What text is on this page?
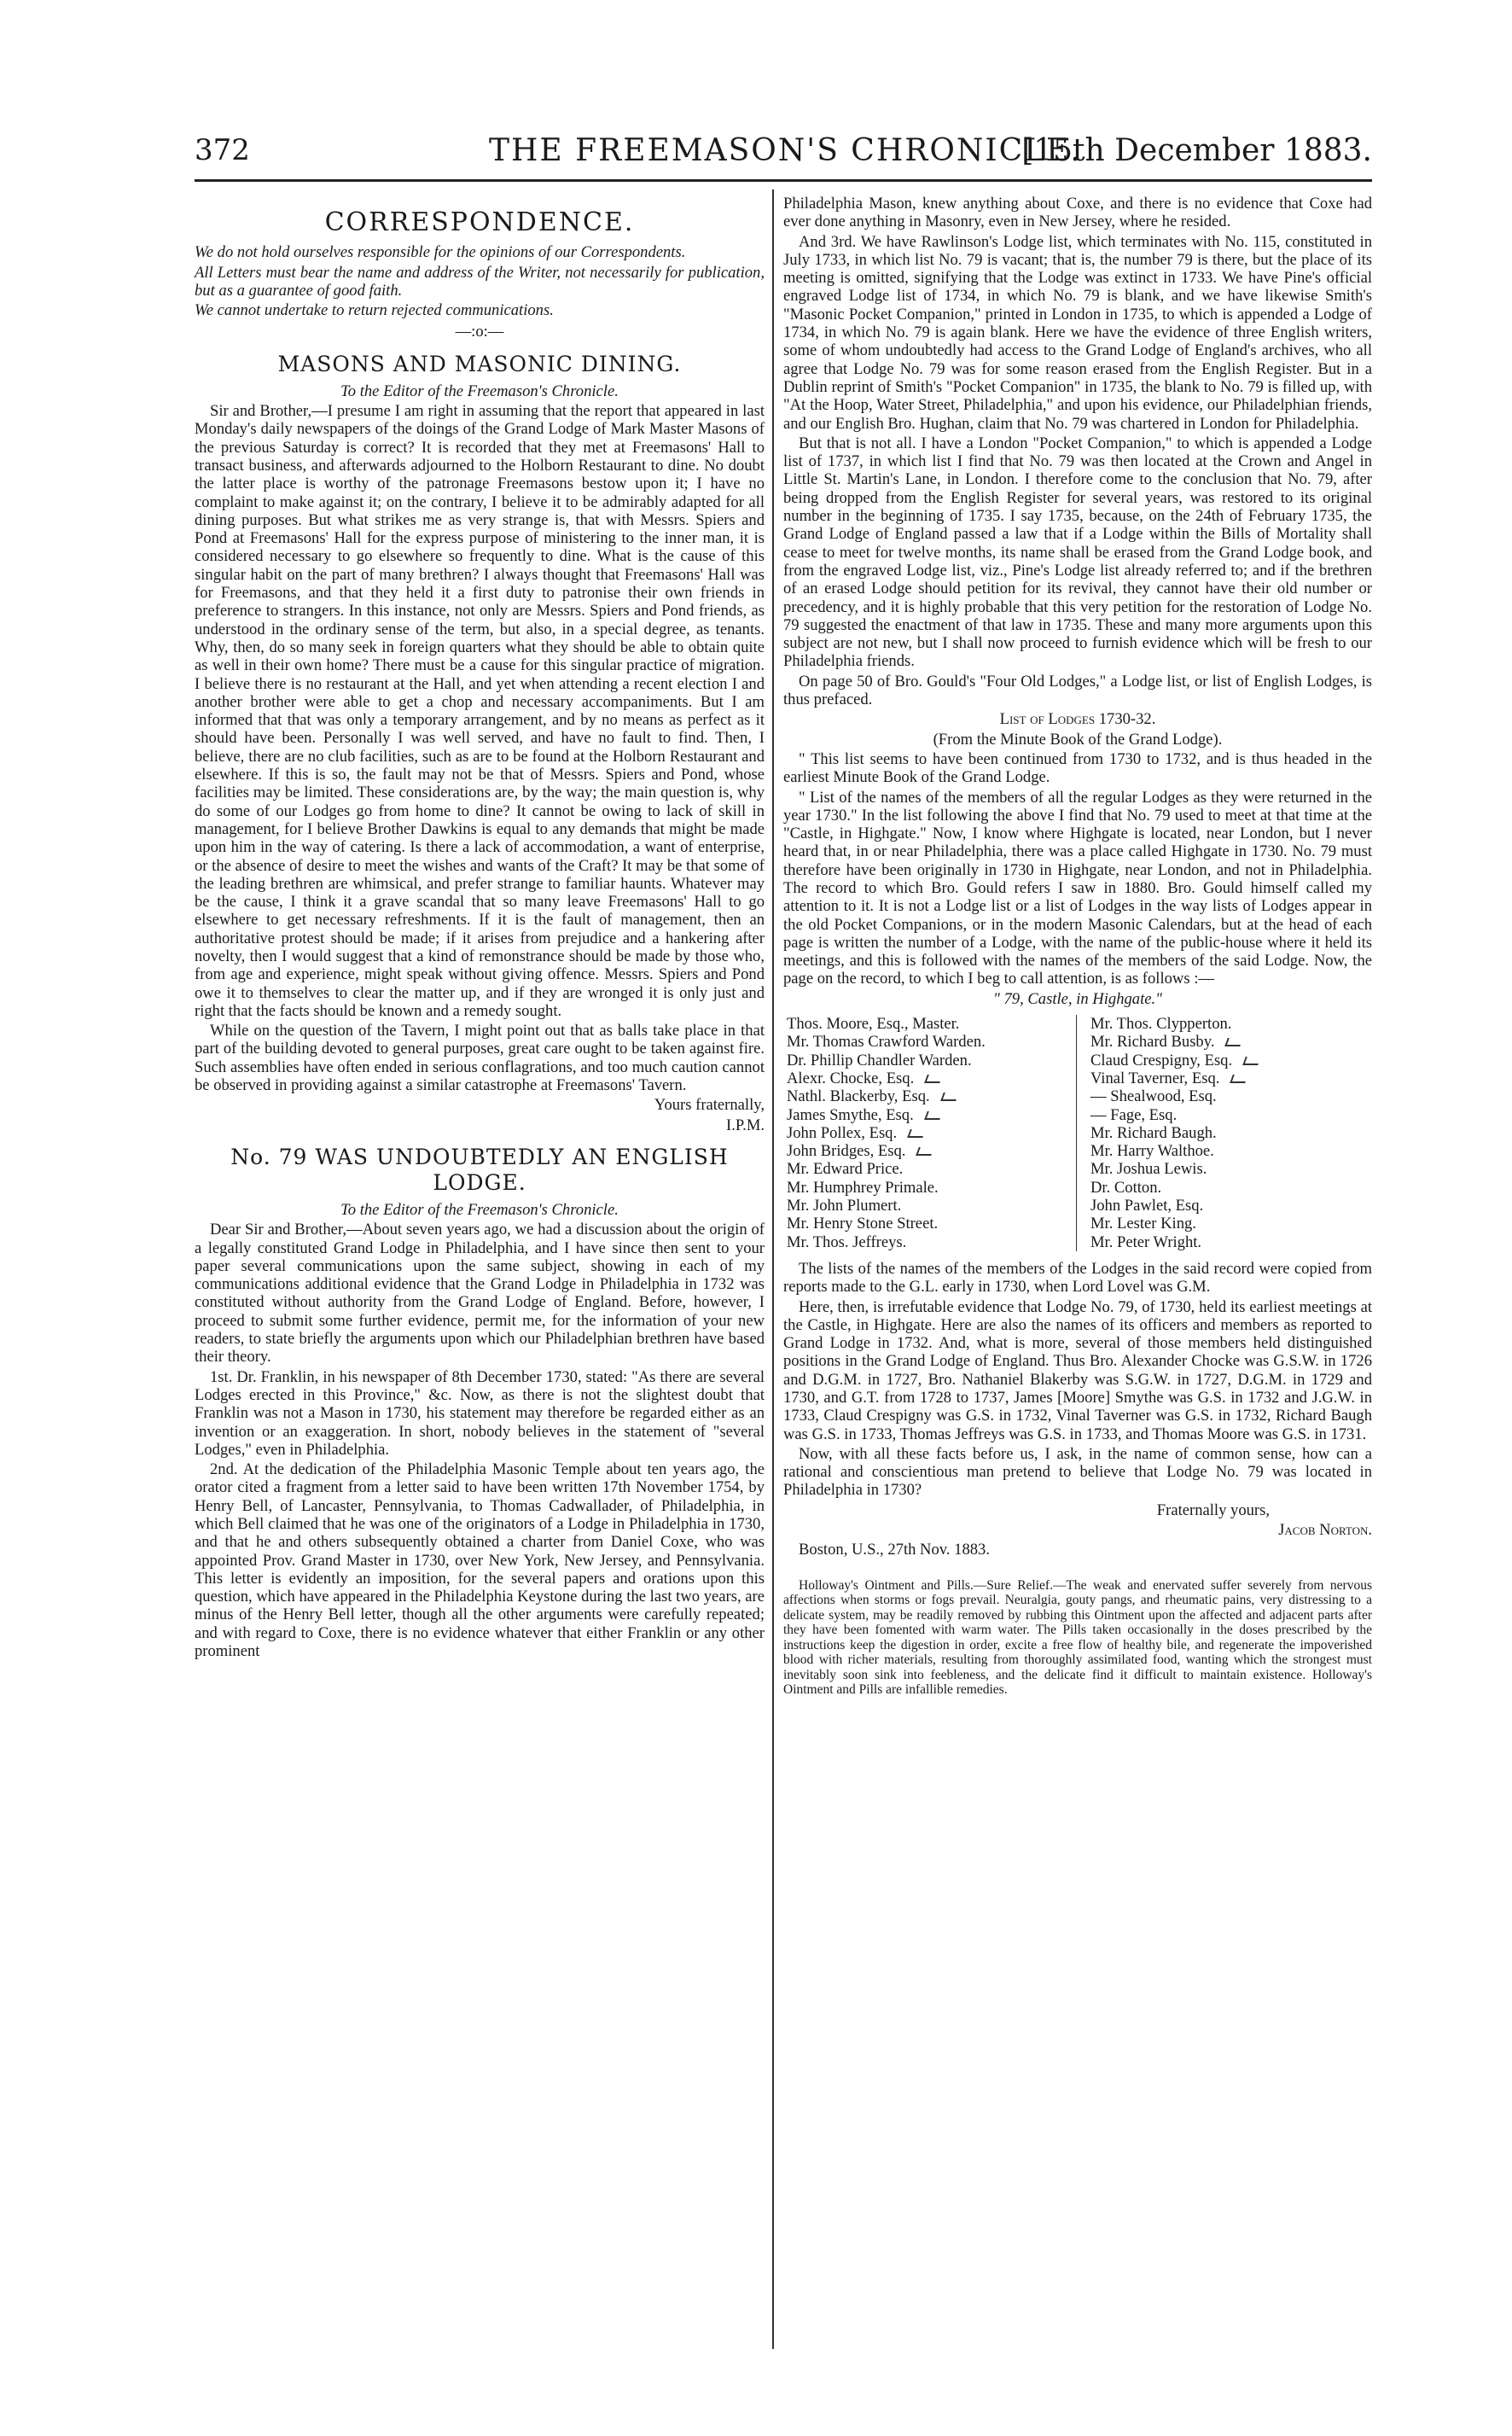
372	THE FREEMASON'S CHRONICLE.
[15th December 1883.
CORRESPONDENCE.

We do not hold ourselves responsible for the opinions of our Correspondents.

All Letters must bear the name and address of the Writer, not necessarily for publication, but as a guarantee of good faith.

We cannot undertake to return rejected communications.

—:o:—
MASONS AND MASONIC DINING.

To the Editor of the Freemason's Chronicle.

Sir and Brother,—I presume I am right in assuming that the report that appeared in last Monday's daily newspapers of the doings of the Grand Lodge of Mark Master Masons of the previous Saturday is correct? It is recorded that they met at Freemasons' Hall to transact business, and afterwards adjourned to the Holborn Restaurant to dine. No doubt the latter place is worthy of the patronage Freemasons bestow upon it; I have no complaint to make against it; on the contrary, I believe it to be admirably adapted for all dining purposes. But what strikes me as very strange is, that with Messrs. Spiers and Pond at Freemasons' Hall for the express purpose of ministering to the inner man, it is considered necessary to go elsewhere so frequently to dine. What is the cause of this singular habit on the part of many brethren? I always thought that Freemasons' Hall was for Freemasons, and that they held it a first duty to patronise their own friends in preference to strangers. In this instance, not only are Messrs. Spiers and Pond friends, as understood in the ordinary sense of the term, but also, in a special degree, as tenants. Why, then, do so many seek in foreign quarters what they should be able to obtain quite as well in their own home? There must be a cause for this singular practice of migration. I believe there is no restaurant at the Hall, and yet when attending a recent election I and another brother were able to get a chop and necessary accompaniments. But I am informed that that was only a temporary arrangement, and by no means as perfect as it should have been. Personally I was well served, and have no fault to find. Then, I believe, there are no club facilities, such as are to be found at the Holborn Restaurant and elsewhere. If this is so, the fault may not be that of Messrs. Spiers and Pond, whose facilities may be limited. These considerations are, by the way; the main question is, why do some of our Lodges go from home to dine? It cannot be owing to lack of skill in management, for I believe Brother Dawkins is equal to any demands that might be made upon him in the way of catering. Is there a lack of accommodation, a want of enterprise, or the absence of desire to meet the wishes and wants of the Craft? It may be that some of the leading brethren are whimsical, and prefer strange to familiar haunts. Whatever may be the cause, I think it a grave scandal that so many leave Freemasons' Hall to go elsewhere to get necessary refreshments. If it is the fault of management, then an authoritative protest should be made; if it arises from prejudice and a hankering after novelty, then I would suggest that a kind of remonstrance should be made by those who, from age and experience, might speak without giving offence. Messrs. Spiers and Pond owe it to themselves to clear the matter up, and if they are wronged it is only just and right that the facts should be known and a remedy sought.

While on the question of the Tavern, I might point out that as balls take place in that part of the building devoted to general purposes, great care ought to be taken against fire. Such assemblies have often ended in serious conflagrations, and too much caution cannot be observed in providing against a similar catastrophe at Freemasons' Tavern.

Yours fraternally,

I.P.M.

No. 79 WAS UNDOUBTEDLY AN ENGLISH LODGE.

To the Editor of the Freemason's Chronicle.

Dear Sir and Brother,—About seven years ago, we had a discussion about the origin of a legally constituted Grand Lodge in Philadelphia, and I have since then sent to your paper several communications upon the same subject, showing in each of my communications additional evidence that the Grand Lodge in Philadelphia in 1732 was constituted without authority from the Grand Lodge of England. Before, however, I proceed to submit some further evidence, permit me, for the information of your new readers, to state briefly the arguments upon which our Philadelphian brethren have based their theory.

1st. Dr. Franklin, in his newspaper of 8th December 1730, stated: "As there are several Lodges erected in this Province," &c. Now, as there is not the slightest doubt that Franklin was not a Mason in 1730, his statement may therefore be regarded either as an invention or an exaggeration. In short, nobody believes in the statement of "several Lodges," even in Philadelphia.

2nd. At the dedication of the Philadelphia Masonic Temple about ten years ago, the orator cited a fragment from a letter said to have been written 17th November 1754, by Henry Bell, of Lancaster, Pennsylvania, to Thomas Cadwallader, of Philadelphia, in which Bell claimed that he was one of the originators of a Lodge in Philadelphia in 1730, and that he and others subsequently obtained a charter from Daniel Coxe, who was appointed Prov. Grand Master in 1730, over New York, New Jersey, and Pennsylvania. This letter is evidently an imposition, for the several papers and orations upon this question, which have appeared in the Philadelphia Keystone during the last two years, are minus of the Henry Bell letter, though all the other arguments were carefully repeated; and with regard to Coxe, there is no evidence whatever that either Franklin or any other prominent

Philadelphia Mason, knew anything about Coxe, and there is no evidence that Coxe had ever done anything in Masonry, even in New Jersey, where he resided.

And 3rd. We have Rawlinson's Lodge list, which terminates with No. 115, constituted in July 1733, in which list No. 79 is vacant; that is, the number 79 is there, but the place of its meeting is omitted, signifying that the Lodge was extinct in 1733. We have Pine's official engraved Lodge list of 1734, in which No. 79 is blank, and we have likewise Smith's "Masonic Pocket Companion," printed in London in 1735, to which is appended a Lodge of 1734, in which No. 79 is again blank. Here we have the evidence of three English writers, some of whom undoubtedly had access to the Grand Lodge of England's archives, who all agree that Lodge No. 79 was for some reason erased from the English Register. But in a Dublin reprint of Smith's "Pocket Companion" in 1735, the blank to No. 79 is filled up, with "At the Hoop, Water Street, Philadelphia," and upon his evidence, our Philadelphian friends, and our English Bro. Hughan, claim that No. 79 was chartered in London for Philadelphia.

But that is not all. I have a London "Pocket Companion," to which is appended a Lodge list of 1737, in which list I find that No. 79 was then located at the Crown and Angel in Little St. Martin's Lane, in London. I therefore come to the conclusion that No. 79, after being dropped from the English Register for several years, was restored to its original number in the beginning of 1735. I say 1735, because, on the 24th of February 1735, the Grand Lodge of England passed a law that if a Lodge within the Bills of Mortality shall cease to meet for twelve months, its name shall be erased from the Grand Lodge book, and from the engraved Lodge list, viz., Pine's Lodge list already referred to; and if the brethren of an erased Lodge should petition for its revival, they cannot have their old number or precedency, and it is highly probable that this very petition for the restoration of Lodge No. 79 suggested the enactment of that law in 1735. These and many more arguments upon this subject are not new, but I shall now proceed to furnish evidence which will be fresh to our Philadelphia friends.

On page 50 of Bro. Gould's "Four Old Lodges," a Lodge list, or list of English Lodges, is thus prefaced.

List of Lodges 1730-32.

(From the Minute Book of the Grand Lodge).

" This list seems to have been continued from 1730 to 1732, and is thus headed in the earliest Minute Book of the Grand Lodge.

" List of the names of the members of all the regular Lodges as they were returned in the year 1730." In the list following the above I find that No. 79 used to meet at that time at the "Castle, in Highgate." Now, I know where Highgate is located, near London, but I never heard that, in or near Philadelphia, there was a place called Highgate in 1730. No. 79 must therefore have been originally in 1730 in Highgate, near London, and not in Philadelphia. The record to which Bro. Gould refers I saw in 1880. Bro. Gould himself called my attention to it. It is not a Lodge list or a list of Lodges in the way lists of Lodges appear in the old Pocket Companions, or in the modern Masonic Calendars, but at the head of each page is written the number of a Lodge, with the name of the public-house where it held its meetings, and this is followed with the names of the members of the said Lodge. Now, the page on the record, to which I beg to call attention, is as follows :—

" 79, Castle, in Highgate."

Thos. Moore, Esq., Master.
Mr. Thomas Crawford Warden.
Dr. Phillip Chandler Warden.
Alexr. Chocke, Esq.
Nathl. Blackerby, Esq.
James Smythe, Esq.
John Pollex, Esq.
John Bridges, Esq.
Mr. Edward Price.
Mr. Humphrey Primale.
Mr. John Plumert.
Mr. Henry Stone Street.
Mr. Thos. Jeffreys.
Mr. Thos. Clypperton.
Mr. Richard Busby.
Claud Crespigny, Esq.
Vinal Taverner, Esq.
— Shealwood, Esq.
— Fage, Esq.
Mr. Richard Baugh.
Mr. Harry Walthoe.
Mr. Joshua Lewis.
Dr. Cotton.
John Pawlet, Esq.
Mr. Lester King.
Mr. Peter Wright.

The lists of the names of the members of the Lodges in the said record were copied from reports made to the G.L. early in 1730, when Lord Lovel was G.M.

Here, then, is irrefutable evidence that Lodge No. 79, of 1730, held its earliest meetings at the Castle, in Highgate. Here are also the names of its officers and members as reported to Grand Lodge in 1732. And, what is more, several of those members held distinguished positions in the Grand Lodge of England. Thus Bro. Alexander Chocke was G.S.W. in 1726 and D.G.M. in 1727, Bro. Nathaniel Blakerby was S.G.W. in 1727, D.G.M. in 1729 and 1730, and G.T. from 1728 to 1737, James [Moore] Smythe was G.S. in 1732 and J.G.W. in 1733, Claud Crespigny was G.S. in 1732, Vinal Taverner was G.S. in 1732, Richard Baugh was G.S. in 1733, Thomas Jeffreys was G.S. in 1733, and Thomas Moore was G.S. in 1731.

Now, with all these facts before us, I ask, in the name of common sense, how can a rational and conscientious man pretend to believe that Lodge No. 79 was located in Philadelphia in 1730?

Fraternally yours,

Jacob Norton.

Boston, U.S., 27th Nov. 1883.

Holloway's Ointment and Pills.—Sure Relief.—The weak and enervated suffer severely from nervous affections when storms or fogs prevail. Neuralgia, gouty pangs, and rheumatic pains, very distressing to a delicate system, may be readily removed by rubbing this Ointment upon the affected and adjacent parts after they have been fomented with warm water. The Pills taken occasionally in the doses prescribed by the instructions keep the digestion in order, excite a free flow of healthy bile, and regenerate the impoverished blood with richer materials, resulting from thoroughly assimilated food, wanting which the strongest must inevitably soon sink into feebleness, and the delicate find it difficult to maintain existence. Holloway's Ointment and Pills are infallible remedies.
